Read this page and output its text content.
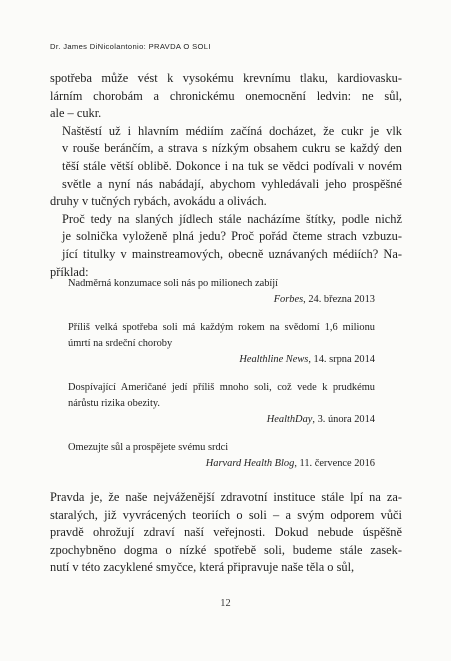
Dr. James DiNicolantonio: PRAVDA O SOLI

spotřeba může vést k vysokému krevnímu tlaku, kardiovasku-
lárním chorobám a chronickému onemocnění ledvin: ne sůl,
ale – cukr.

Naštěstí už i hlavním médiím začíná docházet, že cukr je vlk
v rouše beránčím, a strava s nízkým obsahem cukru se každý den
těší stále větší oblibě. Dokonce i na tuk se vědci podívali v novém
světle a nyní nás nabádají, abychom vyhledávali jeho prospěšné
druhy v tučných rybách, avokádu a olivách.

Proč tedy na slaných jídlech stále nacházíme štítky, podle nichž
je solnička vyloženě plná jedu? Proč pořád čteme strach vzbuzu-
jící titulky v mainstreamových, obecně uznávaných médiích? Na-
příklad:

Nadměrná konzumace soli nás po milionech zabíjí
Forbes, 24. března 2013
Příliš velká spotřeba soli má každým rokem na svědomí 1,6 milionu
úmrtí na srdeční choroby
Healthline News, 14. srpna 2014
Dospívající Američané jedí příliš mnoho soli, což vede k prudkému
nárůstu rizika obezity.
HealthDay, 3. února 2014
Omezujte sůl a prospějete svému srdci
Harvard Health Blog, 11. července 2016

Pravda je, že naše nejváženější zdravotní instituce stále lpí na za-
staralých, již vyvrácených teoriích o soli – a svým odporem vůči
pravdě ohrožují zdraví naší veřejnosti. Dokud nebude úspěšně
zpochybněno dogma o nízké spotřebě soli, budeme stále zasek-
nutí v této zacyklené smyčce, která připravuje naše těla o sůl,

12
